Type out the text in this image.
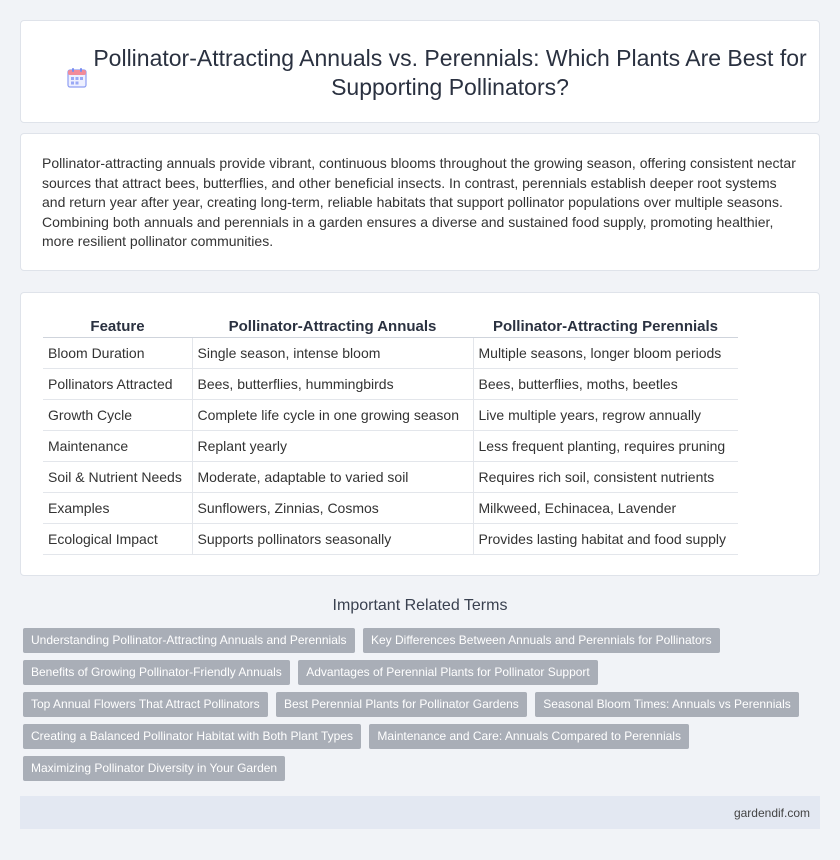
Pollinator-Attracting Annuals vs. Perennials: Which Plants Are Best for Supporting Pollinators?

Pollinator-attracting annuals provide vibrant, continuous blooms throughout the growing season, offering consistent nectar sources that attract bees, butterflies, and other beneficial insects. In contrast, perennials establish deeper root systems and return year after year, creating long-term, reliable habitats that support pollinator populations over multiple seasons. Combining both annuals and perennials in a garden ensures a diverse and sustained food supply, promoting healthier, more resilient pollinator communities.

Feature	Pollinator-Attracting Annuals	Pollinator-Attracting Perennials
Bloom Duration	Single season, intense bloom	Multiple seasons, longer bloom periods
Pollinators Attracted	Bees, butterflies, hummingbirds	Bees, butterflies, moths, beetles
Growth Cycle	Complete life cycle in one growing season	Live multiple years, regrow annually
Maintenance	Replant yearly	Less frequent planting, requires pruning
Soil & Nutrient Needs	Moderate, adaptable to varied soil	Requires rich soil, consistent nutrients
Examples	Sunflowers, Zinnias, Cosmos	Milkweed, Echinacea, Lavender
Ecological Impact	Supports pollinators seasonally	Provides lasting habitat and food supply
Important Related Terms
Understanding Pollinator-Attracting Annuals and Perennials Key Differences Between Annuals and Perennials for Pollinators Benefits of Growing Pollinator-Friendly Annuals Advantages of Perennial Plants for Pollinator Support Top Annual Flowers That Attract Pollinators Best Perennial Plants for Pollinator Gardens Seasonal Bloom Times: Annuals vs Perennials Creating a Balanced Pollinator Habitat with Both Plant Types Maintenance and Care: Annuals Compared to Perennials Maximizing Pollinator Diversity in Your Garden
gardendif.com
